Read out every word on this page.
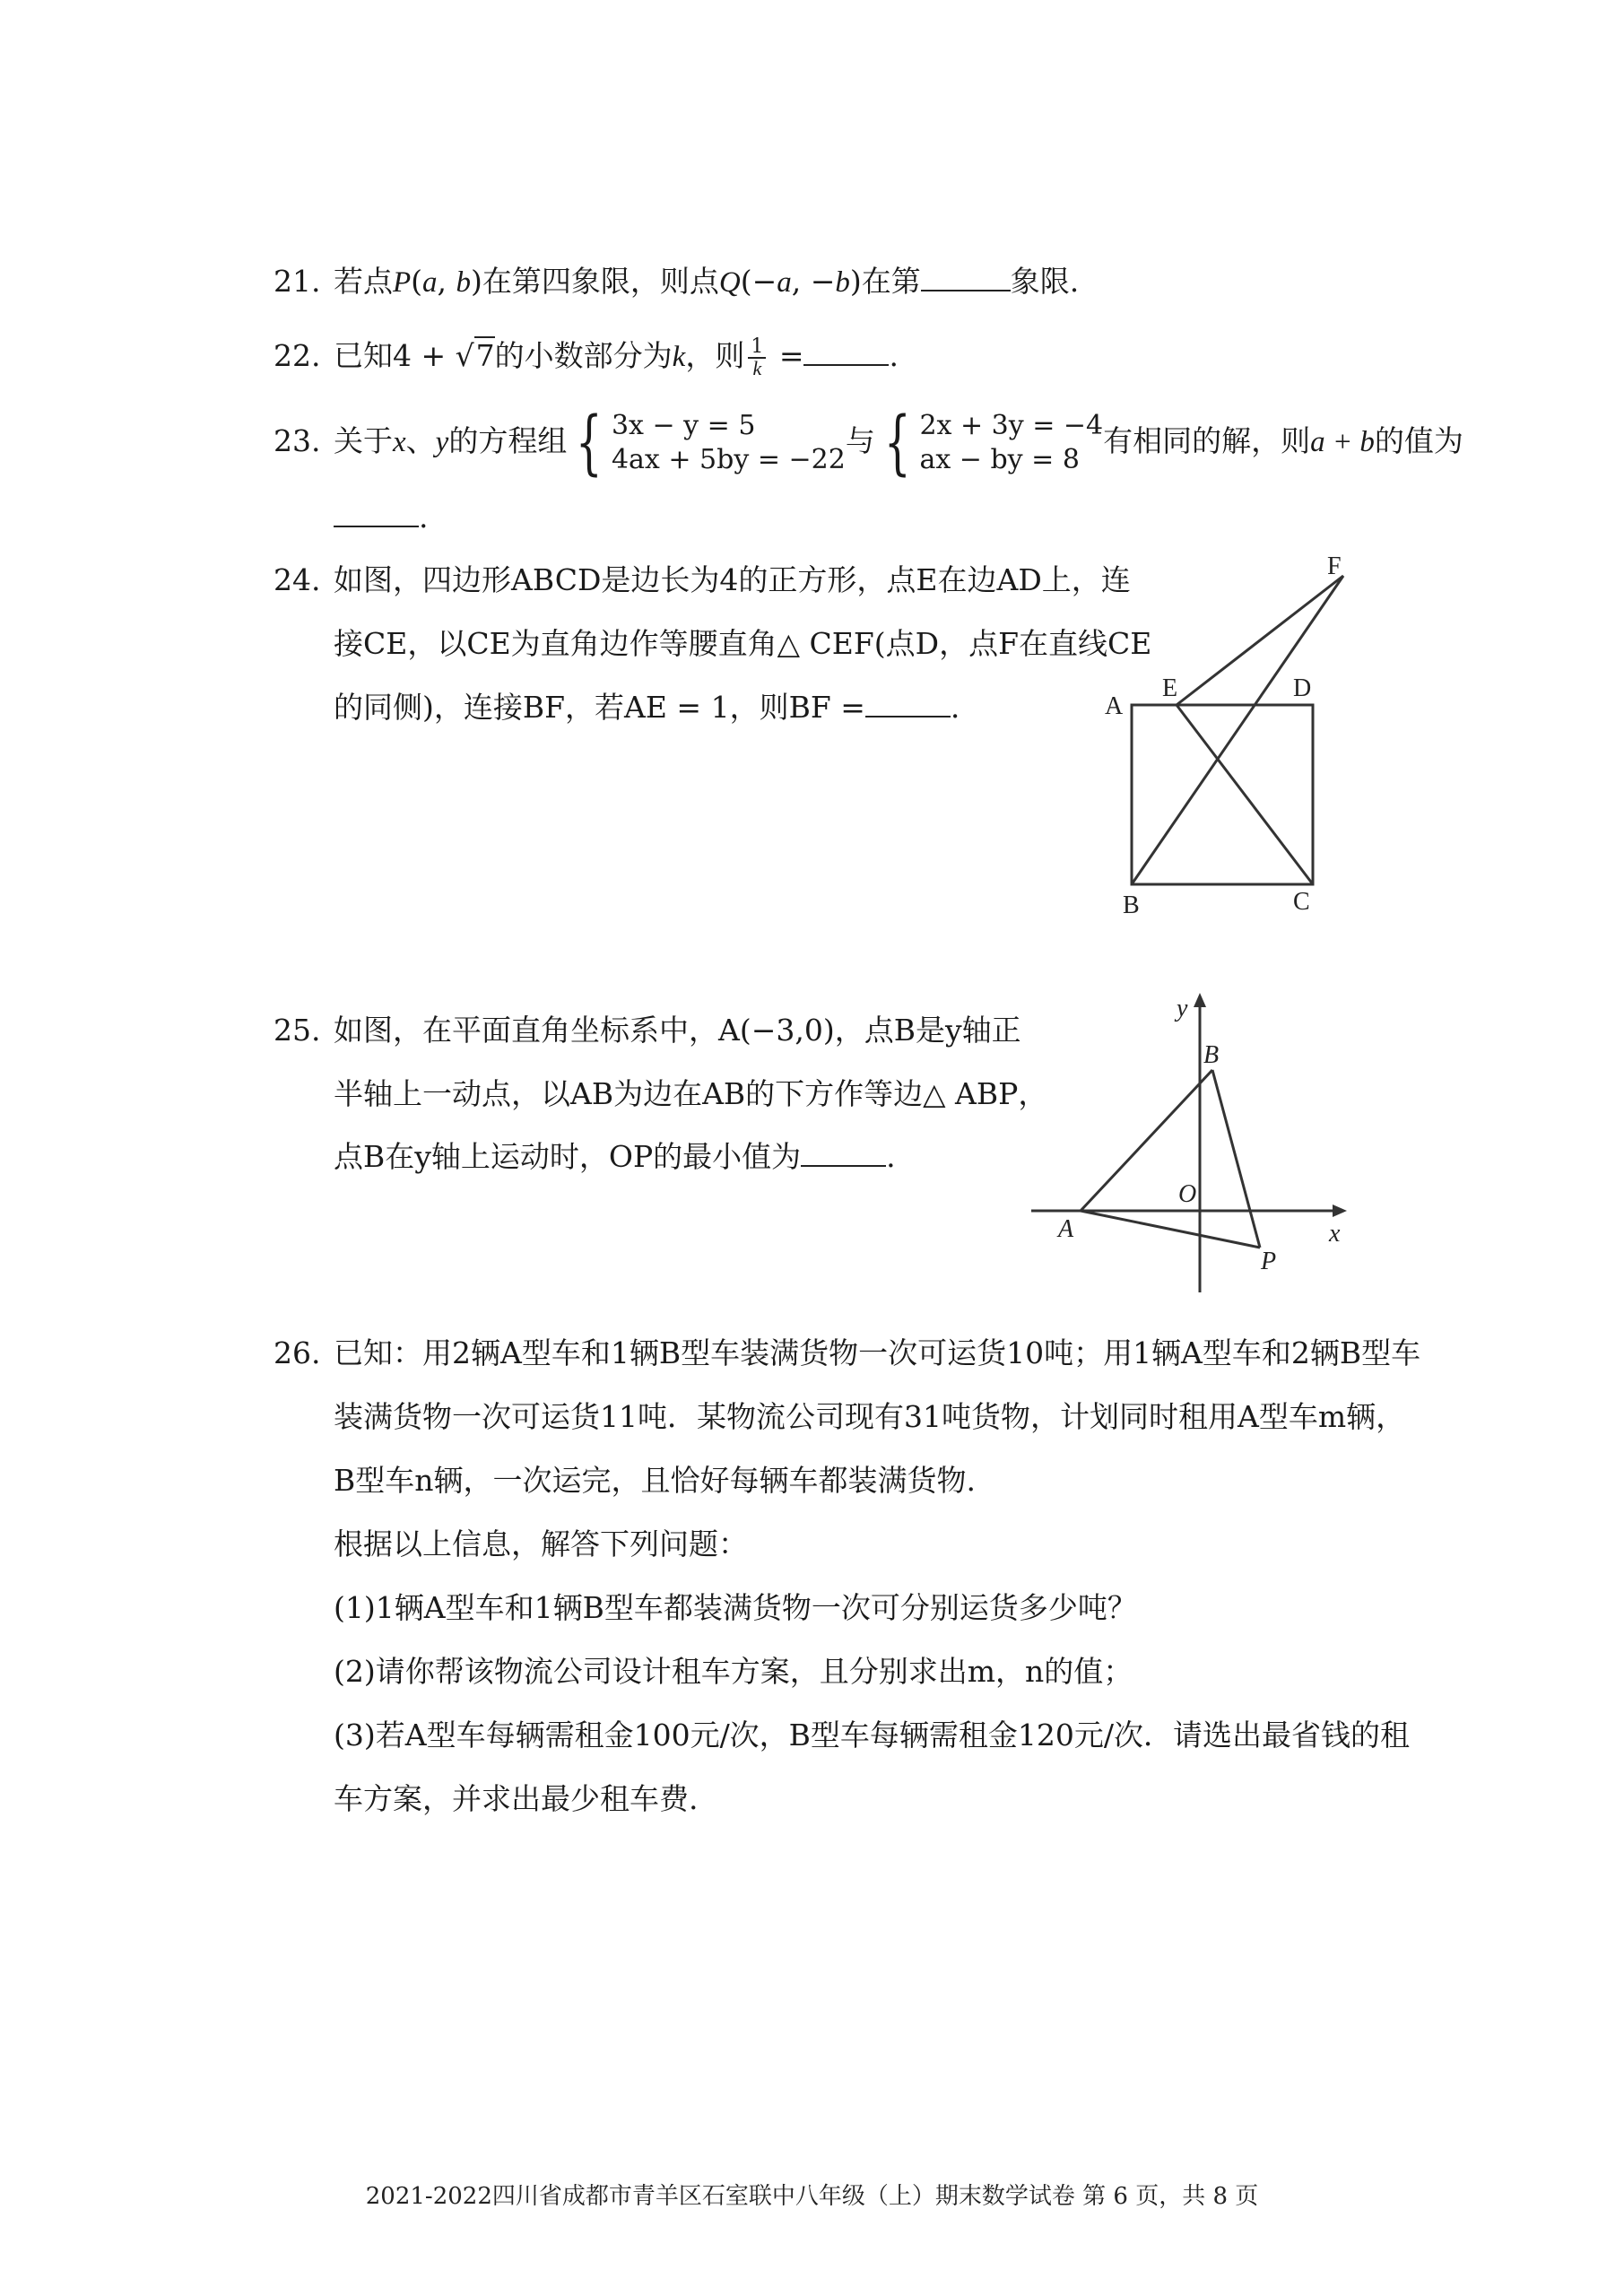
21. 若点P(a, b)在第四象限，则点Q(−a, −b)在第	象限.
22. 已知4 + √7的小数部分为k，则 $\frac{1}{k}$ =	.
23. 关于x、y的方程组 { 3x − y = 5
4ax + 5by = −22
与 { 2x + 3y = −4
ax − by = 8
有相同的解，则a + b的值为
.
24. 如图，四边形ABCD是边长为4的正方形，点E在边AD上，连
接CE，以CE为直角边作等腰直角△ CEF(点D，点F在直线CE
的同侧)，连接BF，若AE = 1，则BF =	.	A
E	D
F
B	C
25. 如图，在平面直角坐标系中，A(−3,0)，点B是y轴正
半轴上一动点，以AB为边在AB的下方作等边△ ABP，
点B在y轴上运动时，OP的最小值为	.
y
B
O
x
A
P
26. 已知：用2辆A型车和1辆B型车装满货物一次可运货10吨；用1辆A型车和2辆B型车
装满货物一次可运货11吨．某物流公司现有31吨货物，计划同时租用A型车m辆，
B型车n辆，一次运完，且恰好每辆车都装满货物.
根据以上信息，解答下列问题：
(1)1辆A型车和1辆B型车都装满货物一次可分别运货多少吨？
(2)请你帮该物流公司设计租车方案，且分别求出m，n的值；
(3)若A型车每辆需租金100元/次，B型车每辆需租金120元/次．请选出最省钱的租
车方案，并求出最少租车费.
2021-2022四川省成都市青羊区石室联中八年级（上）期末数学试卷 第 6 页，共 8 页
